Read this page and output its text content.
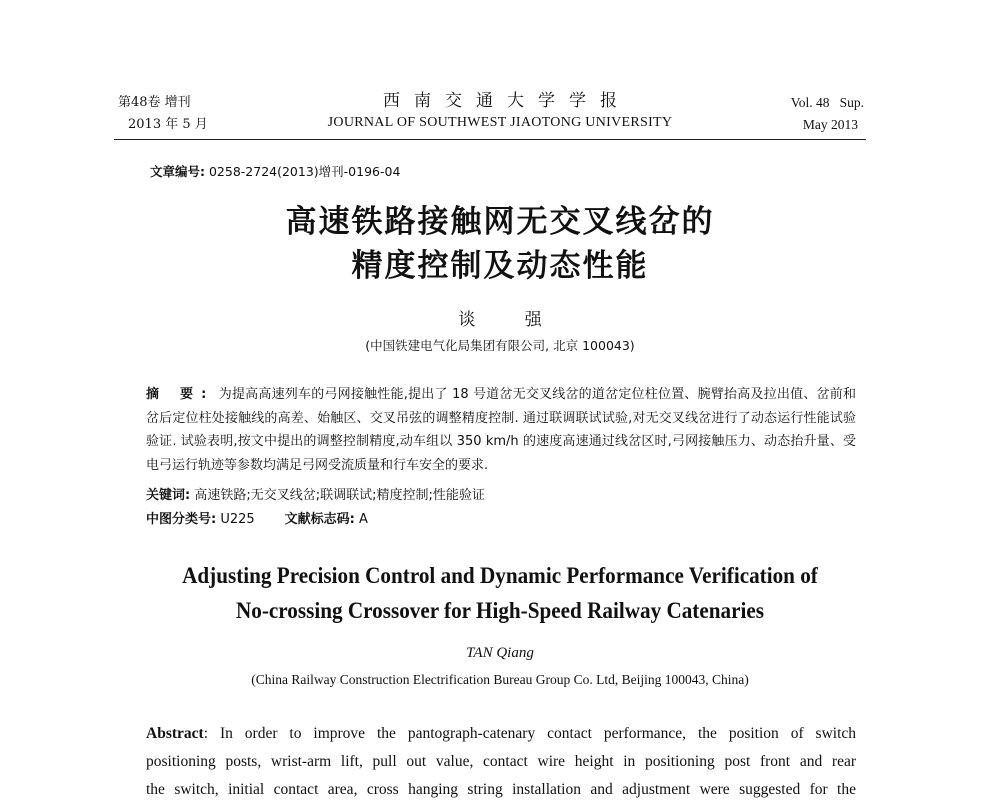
第48卷 增刊
2013 年 5 月
西南交通大学学报
JOURNAL OF SOUTHWEST JIAOTONG UNIVERSITY
Vol. 48   Sup.
May 2013
文章编号: 0258-2724(2013)增刊-0196-04
高速铁路接触网无交叉线岔的
精度控制及动态性能
谈 强
(中国铁建电气化局集团有限公司, 北京 100043)
摘 要: 为提高高速列车的弓网接触性能,提出了 18 号道岔无交叉线岔的道岔定位柱位置、腕臂抬高及拉出值、岔前和岔后定位柱处接触线的高差、始触区、交叉吊弦的调整精度控制. 通过联调联试试验,对无交叉线岔进行了动态运行性能试验验证. 试验表明,按文中提出的调整控制精度,动车组以 350 km/h 的速度高速通过线岔区时,弓网接触压力、动态抬升量、受电弓运行轨迹等参数均满足弓网受流质量和行车安全的要求.
关键词: 高速铁路;无交叉线岔;联调联试;精度控制;性能验证
中图分类号: U225 文献标志码: A
Adjusting Precision Control and Dynamic Performance Verification of
No-crossing Crossover for High-Speed Railway Catenaries
TAN Qiang
(China Railway Construction Electrification Bureau Group Co. Ltd, Beijing 100043, China)
Abstract: In order to improve the pantograph-catenary contact performance, the position of switch
positioning posts, wrist-arm lift, pull out value, contact wire height in positioning post front and rear
the switch, initial contact area, cross hanging string installation and adjustment were suggested for the
